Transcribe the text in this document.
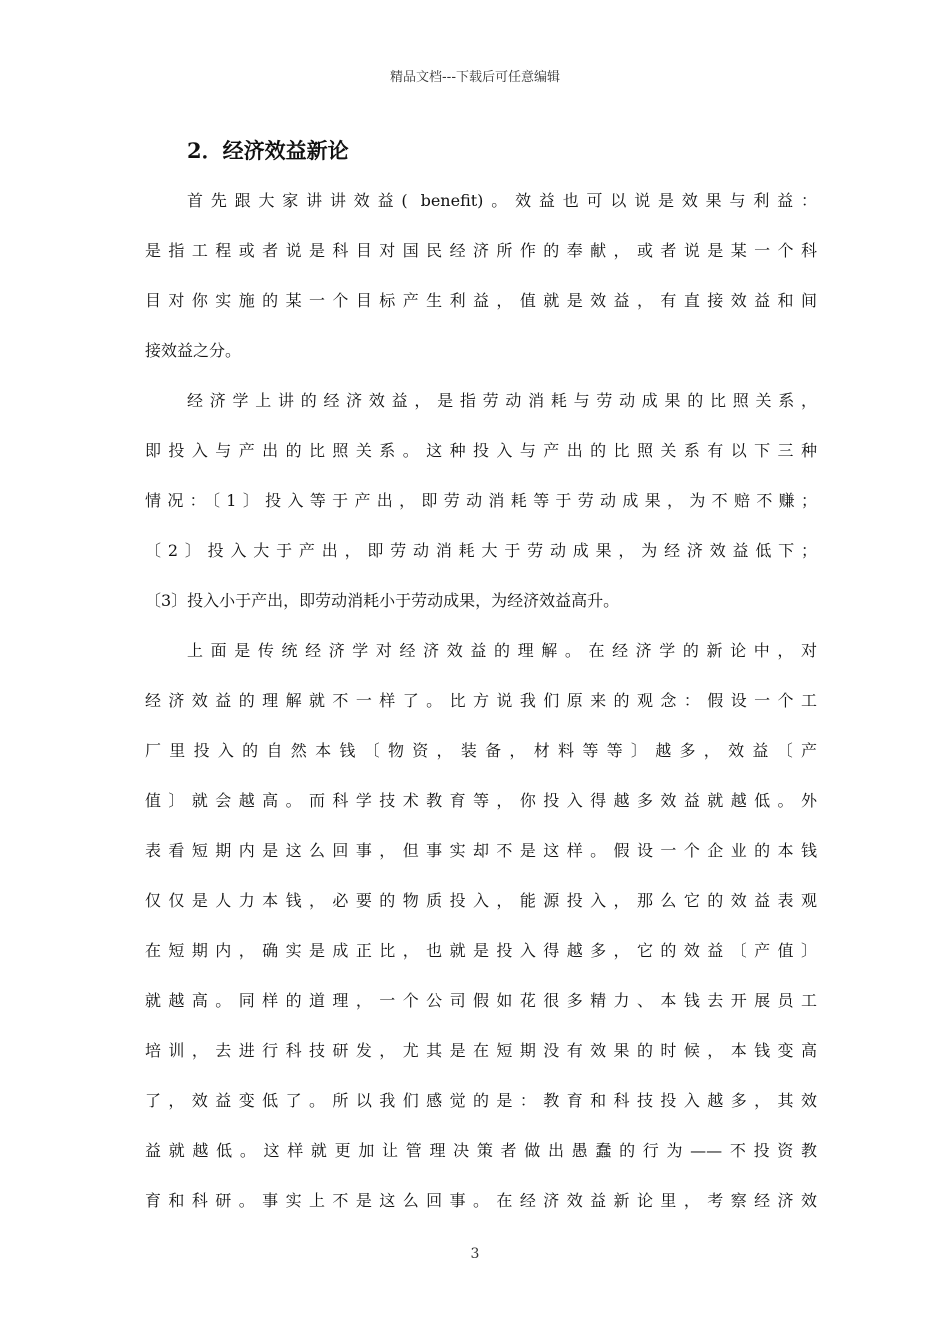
精品文档---下载后可任意编辑
2．经济效益新论
首先跟大家讲讲效益( benefit)。效益也可以说是效果与利益：
是指工程或者说是科目对国民经济所作的奉献，或者说是某一个科
目对你实施的某一个目标产生利益，值就是效益，有直接效益和间
接效益之分。
经济学上讲的经济效益，是指劳动消耗与劳动成果的比照关系，
即投入与产出的比照关系。这种投入与产出的比照关系有以下三种
情况：〔1〕投入等于产出，即劳动消耗等于劳动成果，为不赔不赚；
〔2〕投入大于产出，即劳动消耗大于劳动成果，为经济效益低下；
〔3〕投入小于产出，即劳动消耗小于劳动成果，为经济效益高升。
上面是传统经济学对经济效益的理解。在经济学的新论中，对
经济效益的理解就不一样了。比方说我们原来的观念：假设一个工
厂里投入的自然本钱〔物资，装备，材料等等〕越多，效益〔产
值〕就会越高。而科学技术教育等，你投入得越多效益就越低。外
表看短期内是这么回事，但事实却不是这样。假设一个企业的本钱
仅仅是人力本钱，必要的物质投入，能源投入，那么它的效益表观
在短期内，确实是成正比，也就是投入得越多，它的效益〔产值〕
就越高。同样的道理，一个公司假如花很多精力、本钱去开展员工
培训，去进行科技研发，尤其是在短期没有效果的时候，本钱变高
了，效益变低了。所以我们感觉的是：教育和科技投入越多，其效
益就越低。这样就更加让管理决策者做出愚蠢的行为——不投资教
育和科研。事实上不是这么回事。在经济效益新论里，考察经济效
3
